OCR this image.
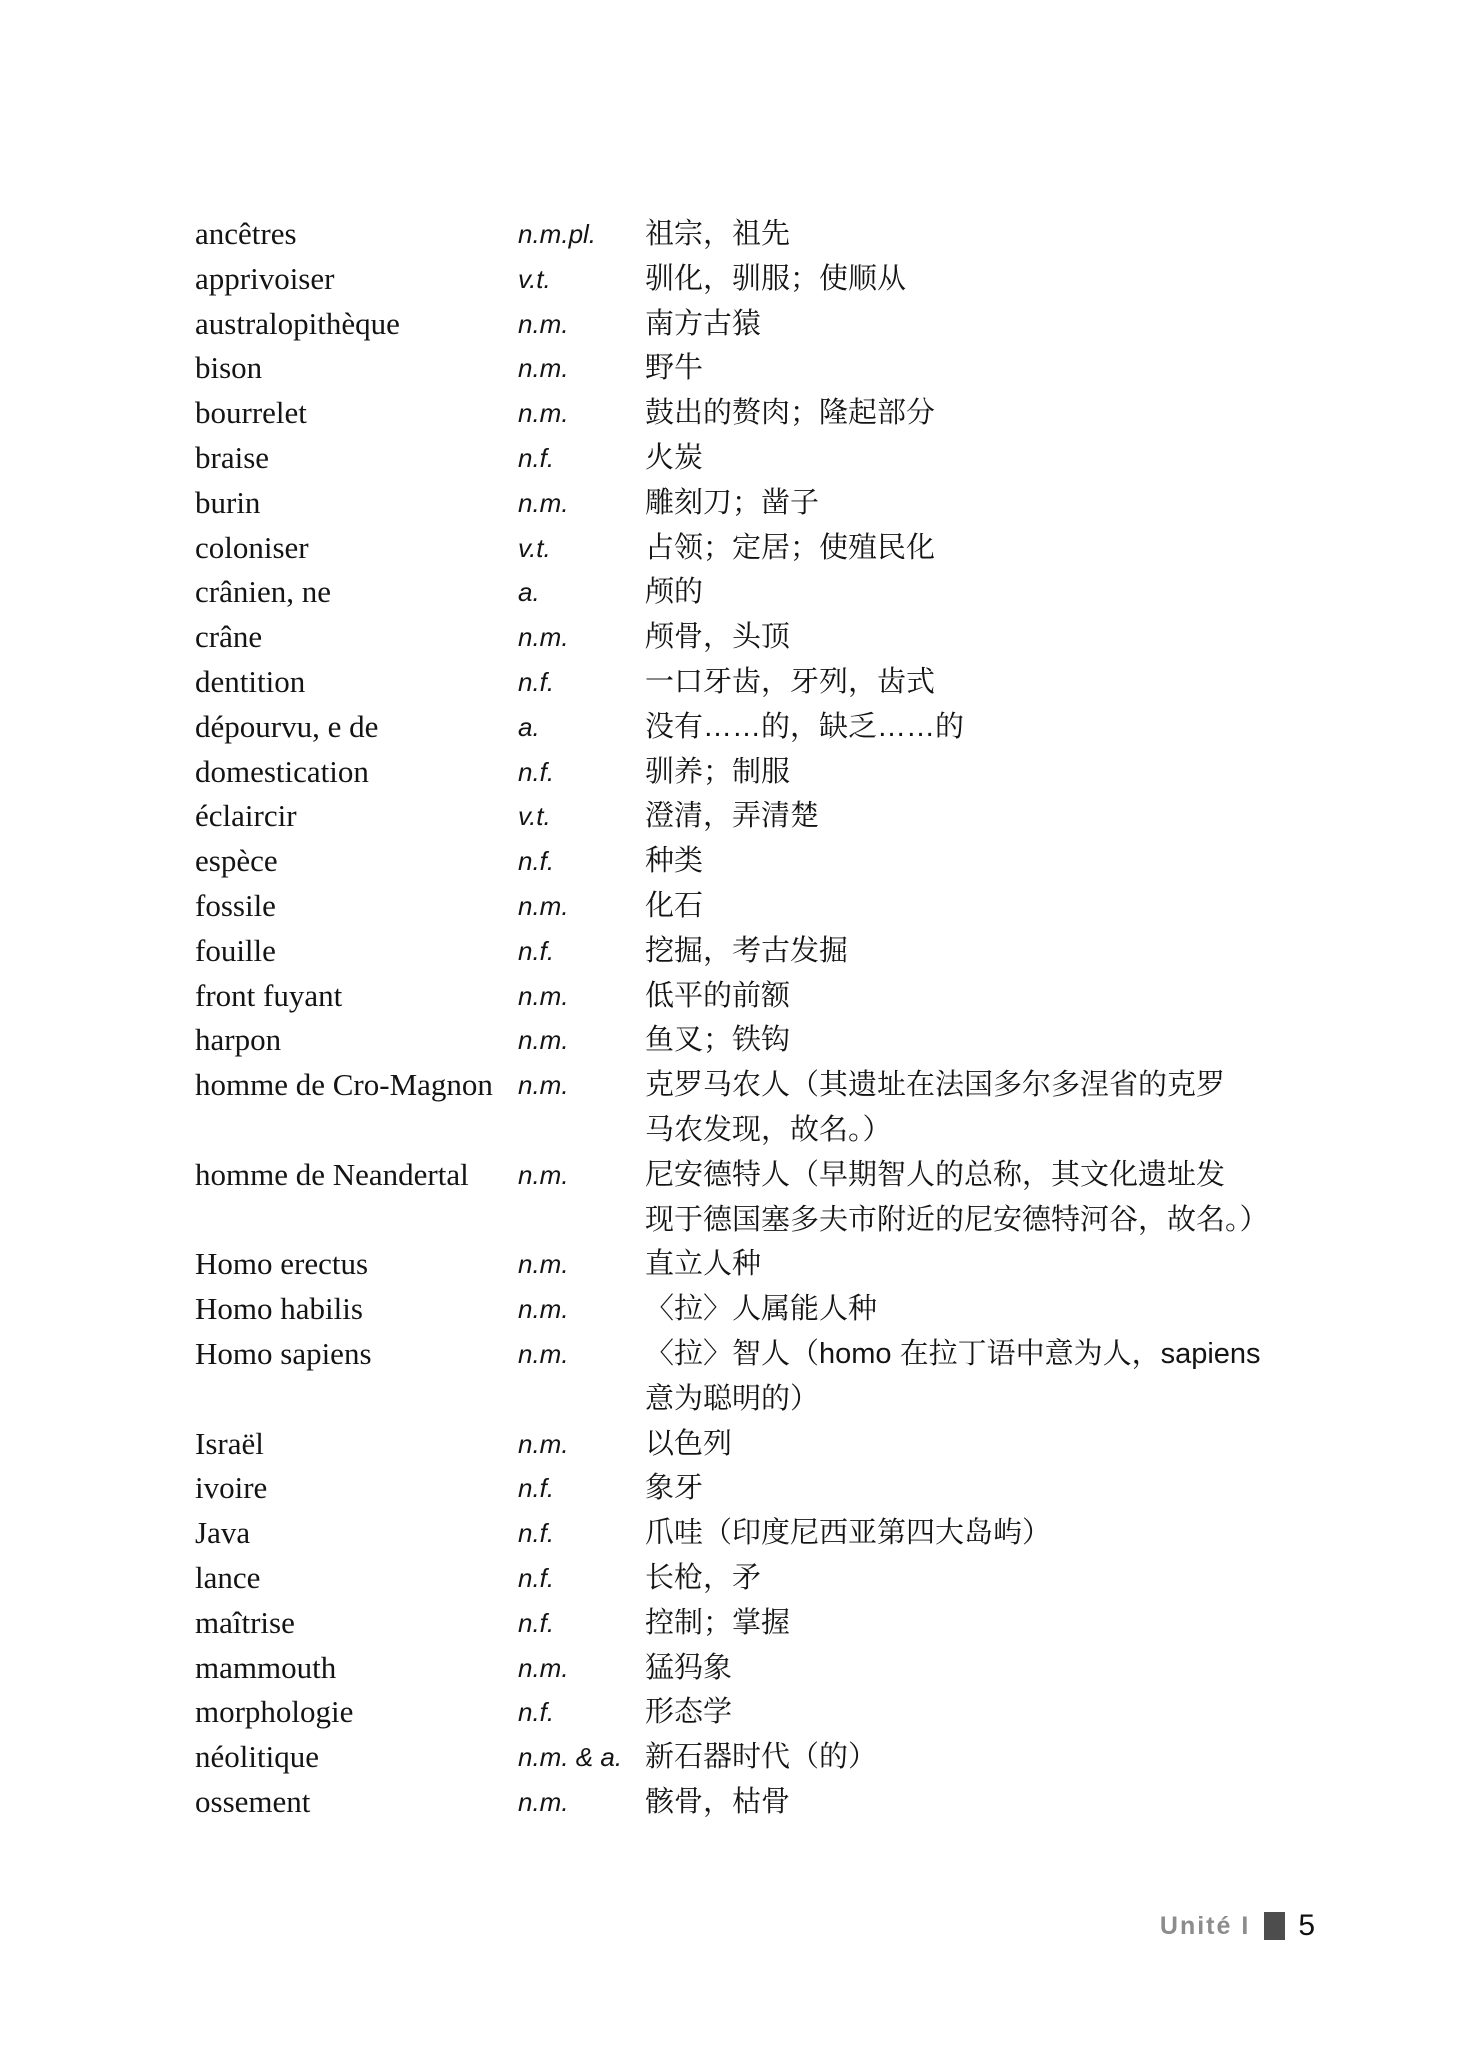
ancêtres	n.m.pl.	祖宗，祖先
apprivoiser	v.t.	驯化，驯服；使顺从
australopithèque	n.m.	南方古猿
bison	n.m.	野牛
bourrelet	n.m.	鼓出的赘肉；隆起部分
braise	n.f.	火炭
burin	n.m.	雕刻刀；凿子
coloniser	v.t.	占领；定居；使殖民化
crânien, ne	a.	颅的
crâne	n.m.	颅骨，头顶
dentition	n.f.	一口牙齿，牙列，齿式
dépourvu, e de	a.	没有……的，缺乏……的
domestication	n.f.	驯养；制服
éclaircir	v.t.	澄清，弄清楚
espèce	n.f.	种类
fossile	n.m.	化石
fouille	n.f.	挖掘，考古发掘
front fuyant	n.m.	低平的前额
harpon	n.m.	鱼叉；铁钩
homme de Cro-Magnon n.m.	克罗马农人（其遗址在法国多尔多涅省的克罗
马农发现，故名。）
homme de Neandertal	n.m.	尼安德特人（早期智人的总称，其文化遗址发
现于德国塞多夫市附近的尼安德特河谷，故名。）
Homo erectus	n.m.	直立人种
Homo habilis	n.m.	〈拉〉人属能人种
Homo sapiens	n.m.	〈拉〉智人（homo 在拉丁语中意为人，sapiens
意为聪明的）
Israël	n.m.	以色列
ivoire	n.f.	象牙
Java	n.f.	爪哇（印度尼西亚第四大岛屿）
lance	n.f.	长枪，矛
maîtrise	n.f.	控制；掌握
mammouth	n.m.	猛犸象
morphologie	n.f.	形态学
néolitique	n.m. & a. 新石器时代（的）
ossement	n.m.	骸骨，枯骨
Unité I 5
